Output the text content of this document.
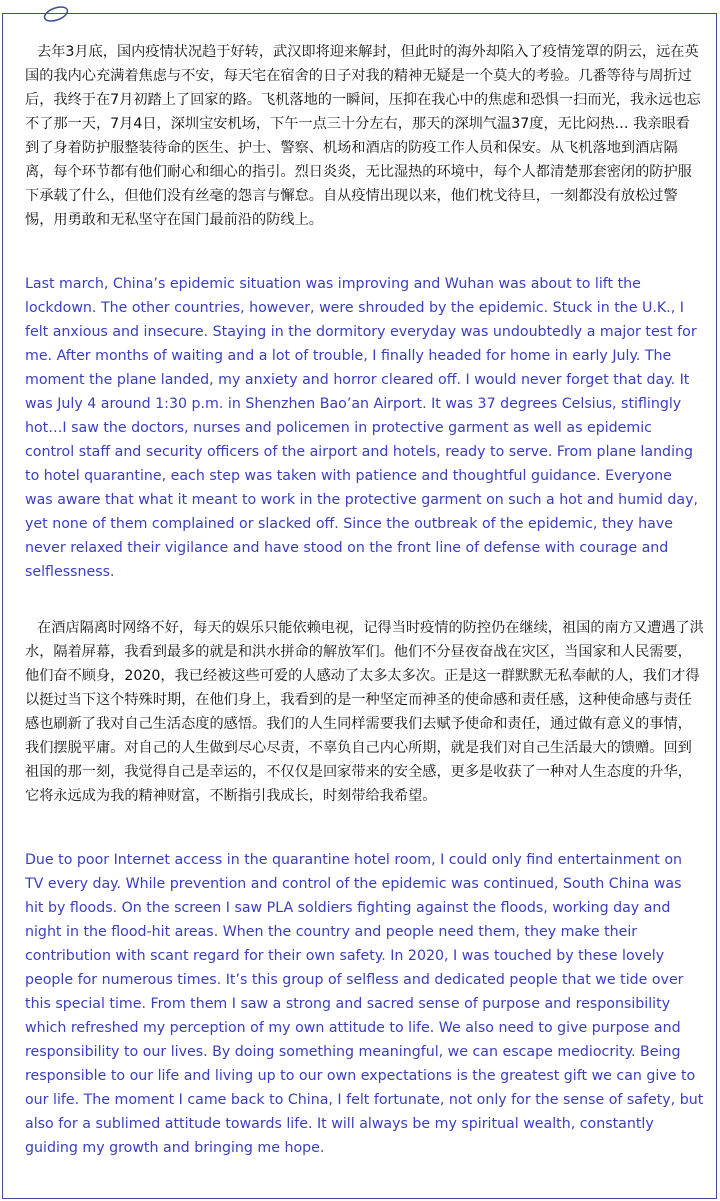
去年3月底，国内疫情状况趋于好转，武汉即将迎来解封，但此时的海外却陷入了疫情笼罩的阴云，远在英国的我内心充满着焦虑与不安，每天宅在宿舍的日子对我的精神无疑是一个莫大的考验。几番等待与周折过后，我终于在7月初踏上了回家的路。飞机落地的一瞬间，压抑在我心中的焦虑和恐惧一扫而光，我永远也忘不了那一天，7月4日，深圳宝安机场，下午一点三十分左右，那天的深圳气温37度，无比闷热… 我亲眼看到了身着防护服整装待命的医生、护士、警察、机场和酒店的防疫工作人员和保安。从飞机落地到酒店隔离，每个环节都有他们耐心和细心的指引。烈日炎炎，无比湿热的环境中，每个人都清楚那套密闭的防护服下承载了什么，但他们没有丝毫的怨言与懈怠。自从疫情出现以来，他们枕戈待旦，一刻都没有放松过警惕，用勇敢和无私坚守在国门最前沿的防线上。

Last march, China’s epidemic situation was improving and Wuhan was about to lift the lockdown. The other countries, however, were shrouded by the epidemic. Stuck in the U.K., I felt anxious and insecure. Staying in the dormitory everyday was undoubtedly a major test for me. After months of waiting and a lot of trouble, I finally headed for home in early July. The moment the plane landed, my anxiety and horror cleared off. I would never forget that day. It was July 4 around 1:30 p.m. in Shenzhen Bao’an Airport. It was 37 degrees Celsius, stiflingly hot…I saw the doctors, nurses and policemen in protective garment as well as epidemic control staff and security officers of the airport and hotels, ready to serve. From plane landing to hotel quarantine, each step was taken with patience and thoughtful guidance. Everyone was aware that what it meant to work in the protective garment on such a hot and humid day, yet none of them complained or slacked off. Since the outbreak of the epidemic, they have never relaxed their vigilance and have stood on the front line of defense with courage and selflessness.

在酒店隔离时网络不好，每天的娱乐只能依赖电视，记得当时疫情的防控仍在继续，祖国的南方又遭遇了洪水，隔着屏幕，我看到最多的就是和洪水拼命的解放军们。他们不分昼夜奋战在灾区，当国家和人民需要，他们奋不顾身，2020，我已经被这些可爱的人感动了太多太多次。正是这一群默默无私奉献的人，我们才得以挺过当下这个特殊时期，在他们身上，我看到的是一种坚定而神圣的使命感和责任感，这种使命感与责任感也刷新了我对自己生活态度的感悟。我们的人生同样需要我们去赋予使命和责任，通过做有意义的事情，我们摆脱平庸。对自己的人生做到尽心尽责，不辜负自己内心所期，就是我们对自己生活最大的馈赠。回到祖国的那一刻，我觉得自己是幸运的，不仅仅是回家带来的安全感，更多是收获了一种对人生态度的升华，它将永远成为我的精神财富，不断指引我成长，时刻带给我希望。

Due to poor Internet access in the quarantine hotel room, I could only find entertainment on TV every day. While prevention and control of the epidemic was continued, South China was hit by floods. On the screen I saw PLA soldiers fighting against the floods, working day and night in the flood-hit areas. When the country and people need them, they make their contribution with scant regard for their own safety. In 2020, I was touched by these lovely people for numerous times. It’s this group of selfless and dedicated people that we tide over this special time. From them I saw a strong and sacred sense of purpose and responsibility which refreshed my perception of my own attitude to life. We also need to give purpose and responsibility to our lives. By doing something meaningful, we can escape mediocrity. Being responsible to our life and living up to our own expectations is the greatest gift we can give to our life. The moment I came back to China, I felt fortunate, not only for the sense of safety, but also for a sublimed attitude towards life. It will always be my spiritual wealth, constantly guiding my growth and bringing me hope.
